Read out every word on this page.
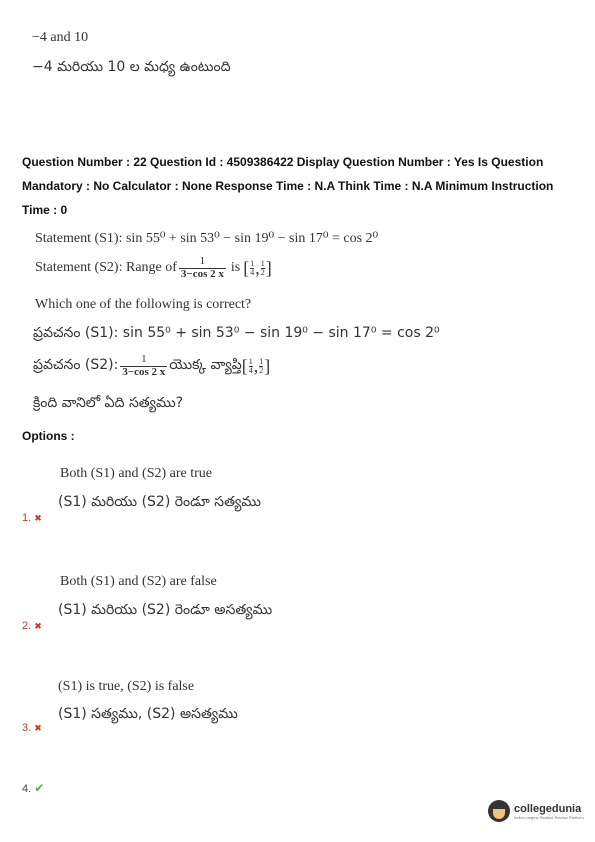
−4 and 10
−4 మరియు 10 ల మధ్య ఉంటుంది
Question Number : 22 Question Id : 4509386422 Display Question Number : Yes Is Question
Mandatory : No Calculator : None Response Time : N.A Think Time : N.A Minimum Instruction
Time : 0
Statement (S1): sin 55⁰ + sin 53⁰ − sin 19⁰ − sin 17⁰ = cos 2⁰
Statement (S2): Range of $\frac{1}{3-\cos 2 x}$ is [ $\frac{1}{4}$ , $\frac{1}{2}$ ]
Which one of the following is correct?
ప్రవచనం (S1): sin 55⁰ + sin 53⁰ − sin 19⁰ − sin 17⁰ = cos 2⁰
ప్రవచనం (S2): $\frac{1}{3-\cos 2 x}$ యొక్క వ్యాప్తి [ $\frac{1}{4}$ , $\frac{1}{2}$ ]
క్రింది వానిలో ఏది సత్యము?
Options :
Both (S1) and (S2) are true
(S1) మరియు (S2) రెండూ సత్యము
1. ✖
Both (S1) and (S2) are false
(S1) మరియు (S2) రెండూ అసత్యము
2. ✖
(S1) is true, (S2) is false
(S1) సత్యము, (S2) అసత్యము
3. ✖
4. ✔
collegedunia
India's largest Student Review Platform
